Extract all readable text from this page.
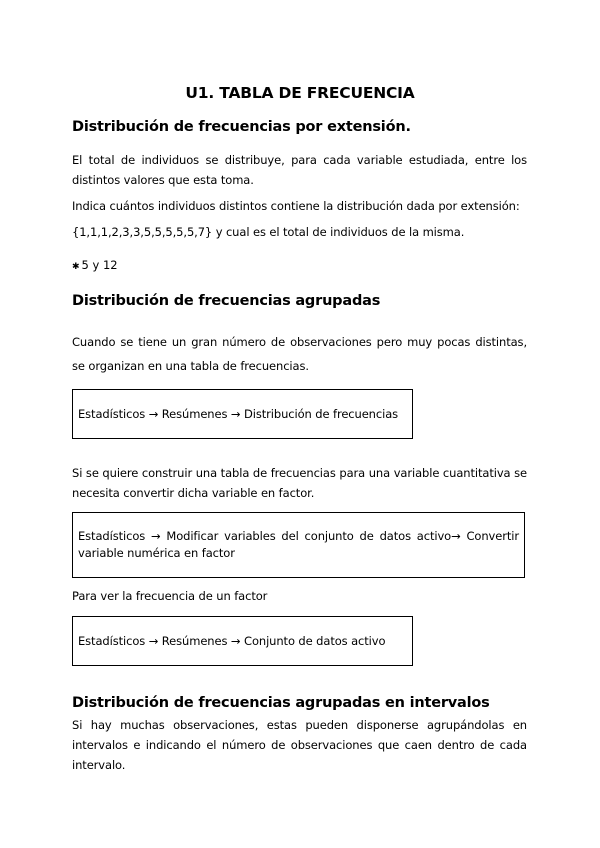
U1. TABLA DE FRECUENCIA
Distribución de frecuencias por extensión.
El total de individuos se distribuye, para cada variable estudiada, entre los distintos valores que esta toma.
Indica cuántos individuos distintos contiene la distribución dada por extensión:
{1,1,1,2,3,3,5,5,5,5,5,7} y cual es el total de individuos de la misma.
✱ 5 y 12
Distribución de frecuencias agrupadas
Cuando se tiene un gran número de observaciones pero muy pocas distintas, se organizan en una tabla de frecuencias.
Estadísticos → Resúmenes → Distribución de frecuencias
Si se quiere construir una tabla de frecuencias para una variable cuantitativa se necesita convertir dicha variable en factor.
Estadísticos → Modificar variables del conjunto de datos activo→ Convertir variable numérica en factor
Para ver la frecuencia de un factor
Estadísticos → Resúmenes → Conjunto de datos activo
Distribución de frecuencias agrupadas en intervalos
Si hay muchas observaciones, estas pueden disponerse agrupándolas en intervalos e indicando el número de observaciones que caen dentro de cada intervalo.
